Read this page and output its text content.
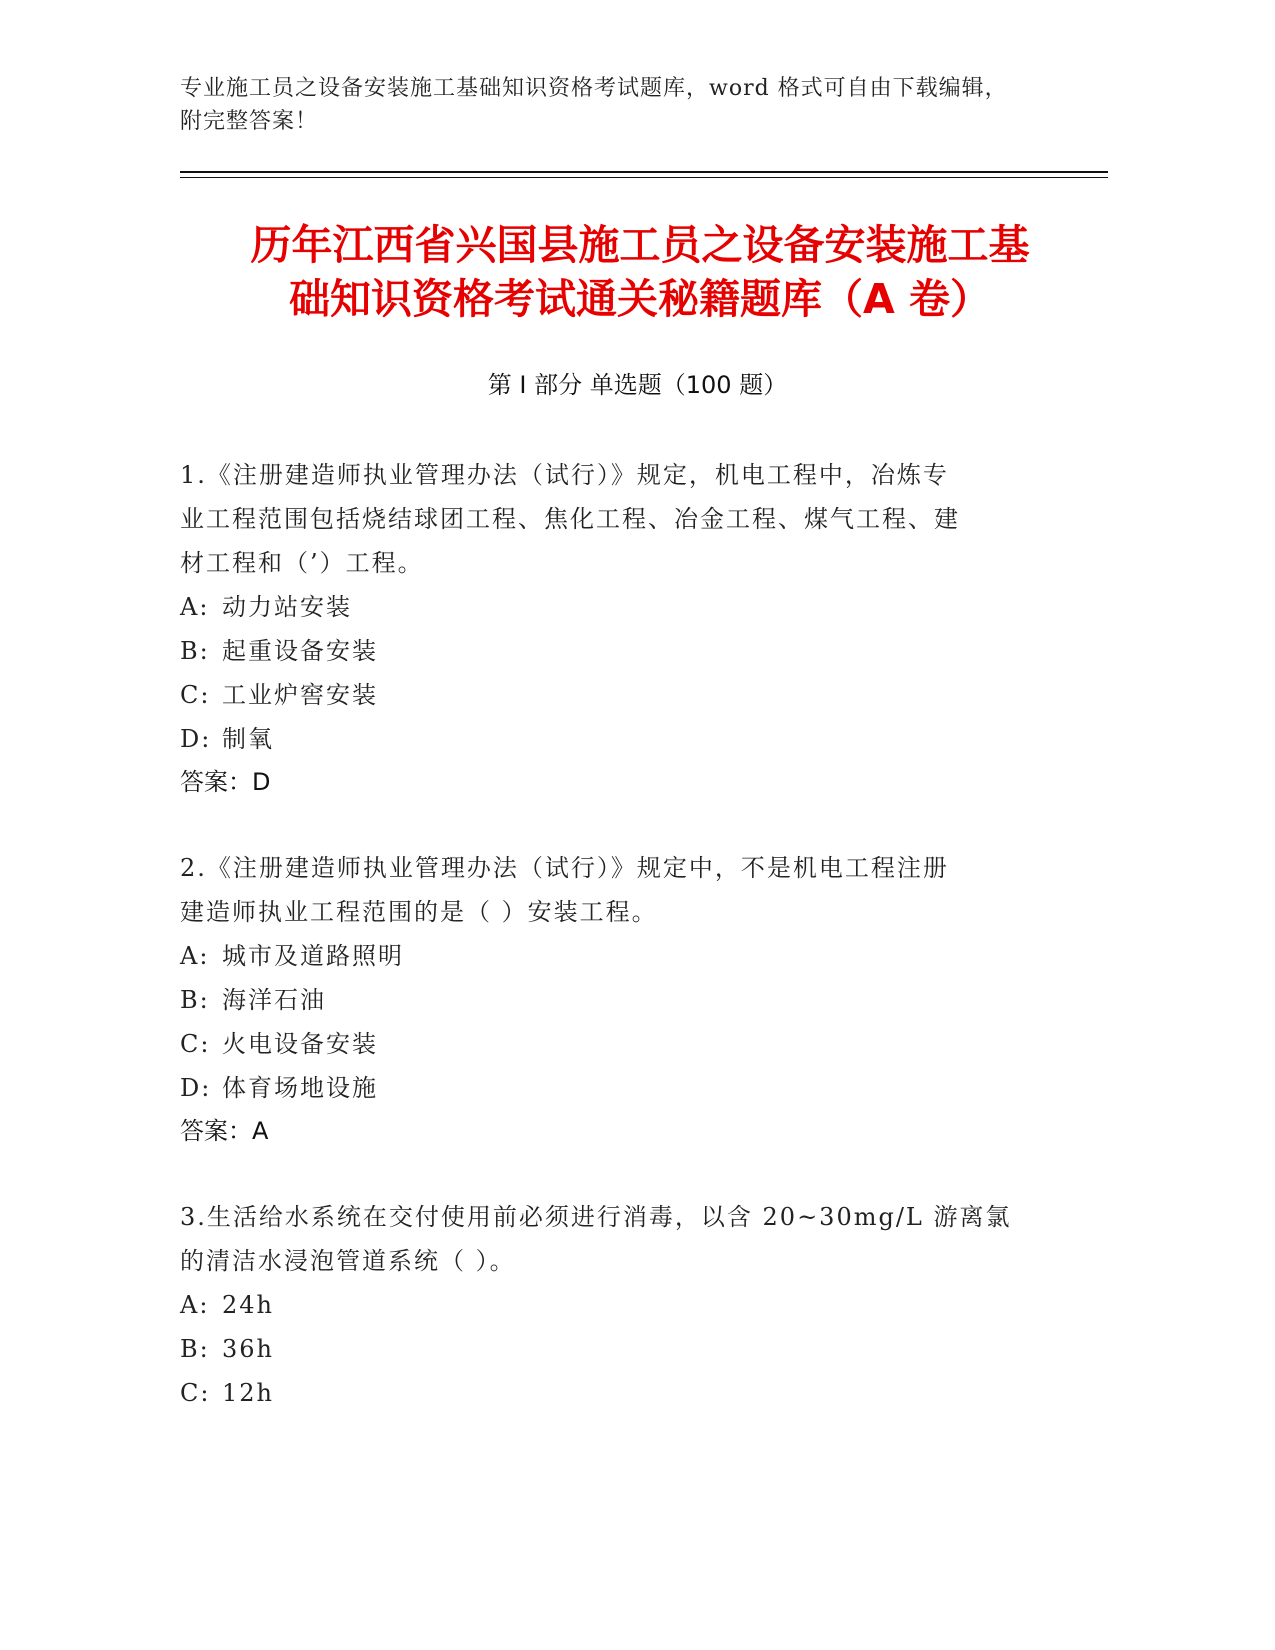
专业施工员之设备安装施工基础知识资格考试题库，word 格式可自由下载编辑，
附完整答案！
历年江西省兴国县施工员之设备安装施工基
础知识资格考试通关秘籍题库（A 卷）
第 I 部分 单选题（100 题）
1.《注册建造师执业管理办法（试行）》规定，机电工程中，冶炼专
业工程范围包括烧结球团工程、焦化工程、冶金工程、煤气工程、建
材工程和（’）工程。
A: 动力站安装
B: 起重设备安装
C: 工业炉窖安装
D: 制氧
答案：D
2.《注册建造师执业管理办法（试行）》规定中，不是机电工程注册
建造师执业工程范围的是（ ）安装工程。
A: 城市及道路照明
B: 海洋石油
C: 火电设备安装
D: 体育场地设施
答案：A
3.生活给水系统在交付使用前必须进行消毒，以含 20~30mg/L 游离氯
的清洁水浸泡管道系统（ ）。
A: 24h
B: 36h
C: 12h
